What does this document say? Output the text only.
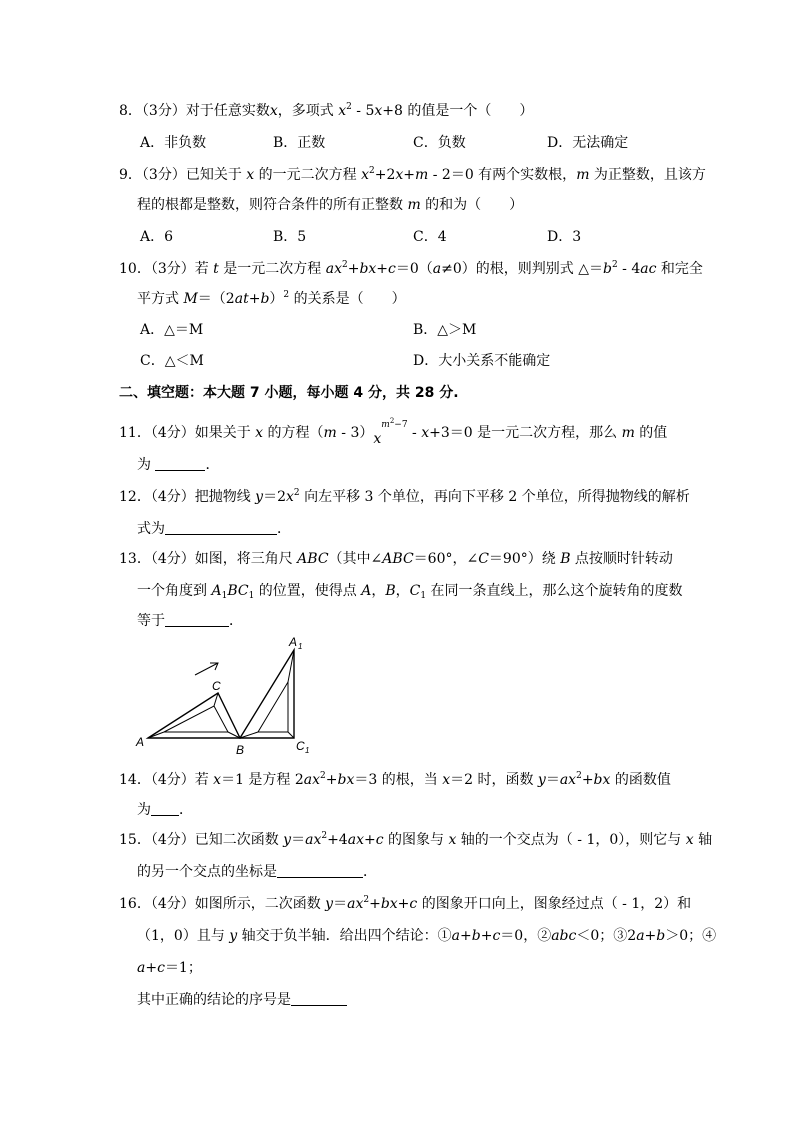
8．（3分）对于任意实数x，多项式 $x^2 - 5x+8$ 的值是一个（　　）
A．非负数	B．正数	C．负数	D．无法确定
9．（3分）已知关于 x 的一元二次方程 $x^2+2x+m - 2=0$ 有两个实数根，m 为正整数，且该方
程的根都是整数，则符合条件的所有正整数 m 的和为（　　）
A．6	B．5	C．4	D．3
10．（3分）若 t 是一元二次方程 $ax^2+bx+c=0(a\ne 0)$的根，则判别式 $\triangle=b^2 - 4ac$ 和完全
平方式 $M=(2at+b)^2$ 的关系是（　　）
A．△＝M	B．△＞M
C．△＜M	D．大小关系不能确定
二、填空题：本大题 7 小题，每小题 4 分，共 28 分.
11．（4分）如果关于 x 的方程$(m - 3)x^{m^2-7} - x+3=0$ 是一元二次方程，那么 m 的值
为	．
12．（4分）把抛物线 $y=2x^2$ 向左平移 3 个单位，再向下平移 2 个单位，所得抛物线的解析
式为	．
13．（4分）如图，将三角尺 ABC（其中∠ABC＝60°，∠C＝90°）绕 B 点按顺时针转动
一个角度到 $A_1BC_1$ 的位置，使得点 A，B，$C_1$ 在同一条直线上，那么这个旋转角的度数
等于	．
A
B
C
A 1
C 1
14．（4分）若 x＝1 是方程 $2ax^2+bx=3$ 的根，当 x＝2 时，函数 $y=ax^2+bx$ 的函数值
为 ．
15．（4分）已知二次函数 $y=ax^2+4ax+c$ 的图象与 x 轴的一个交点为（ - 1，0），则它与 x 轴
的另一个交点的坐标是	．
16．（4分）如图所示，二次函数 $y=ax^2+bx+c$ 的图象开口向上，图象经过点（ - 1，2）和
（1，0）且与 y 轴交于负半轴．给出四个结论：①a+b+c＝0，②abc＜0；③2a+b＞0；④
a+c＝1；
其中正确的结论的序号是
